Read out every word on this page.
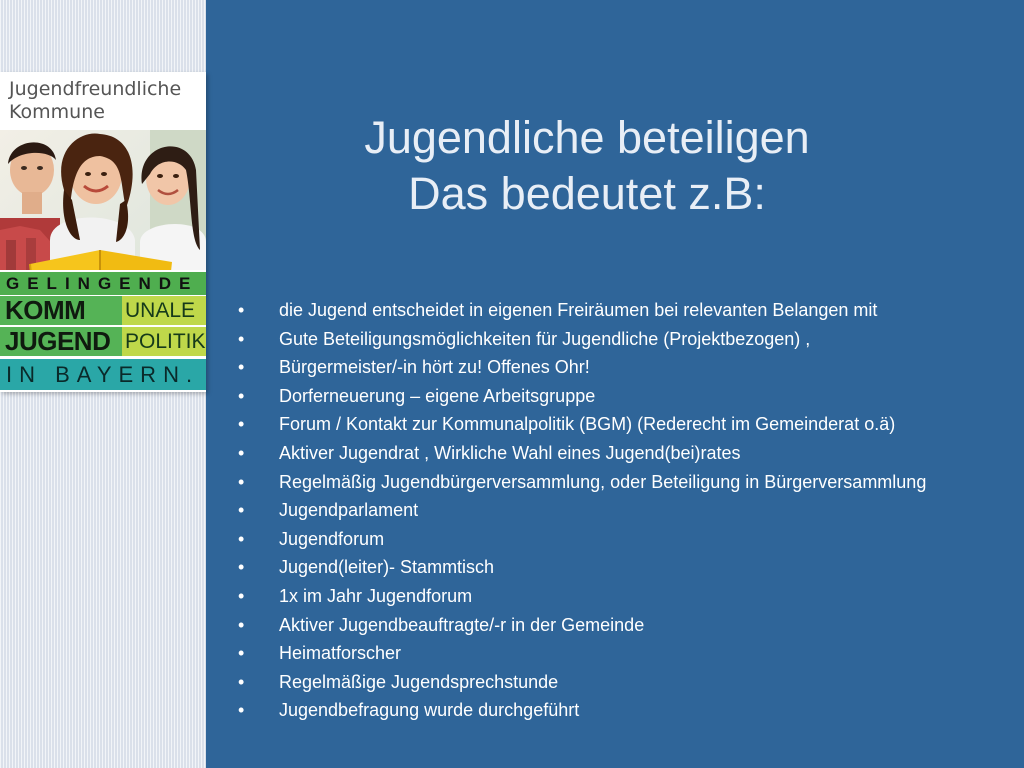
Jugendfreundliche
Kommune
GELINGENDE
KOMM	UNALE
JUGEND POLITIK
IN BAYERN.
Jugendliche beteiligen
Das bedeutet z.B:
• die Jugend entscheidet in eigenen Freiräumen bei relevanten Belangen mit
• Gute Beteiligungsmöglichkeiten für Jugendliche (Projektbezogen) ,
• Bürgermeister/-in hört zu! Offenes Ohr!
• Dorferneuerung – eigene Arbeitsgruppe
• Forum / Kontakt zur Kommunalpolitik (BGM) (Rederecht im Gemeinderat o.ä)
• Aktiver Jugendrat , Wirkliche Wahl eines Jugend(bei)rates
• Regelmäßig Jugendbürgerversammlung, oder Beteiligung in Bürgerversammlung
• Jugendparlament
• Jugendforum
• Jugend(leiter)- Stammtisch
• 1x im Jahr Jugendforum
• Aktiver Jugendbeauftragte/-r in der Gemeinde
• Heimatforscher
• Regelmäßige Jugendsprechstunde
• Jugendbefragung wurde durchgeführt
